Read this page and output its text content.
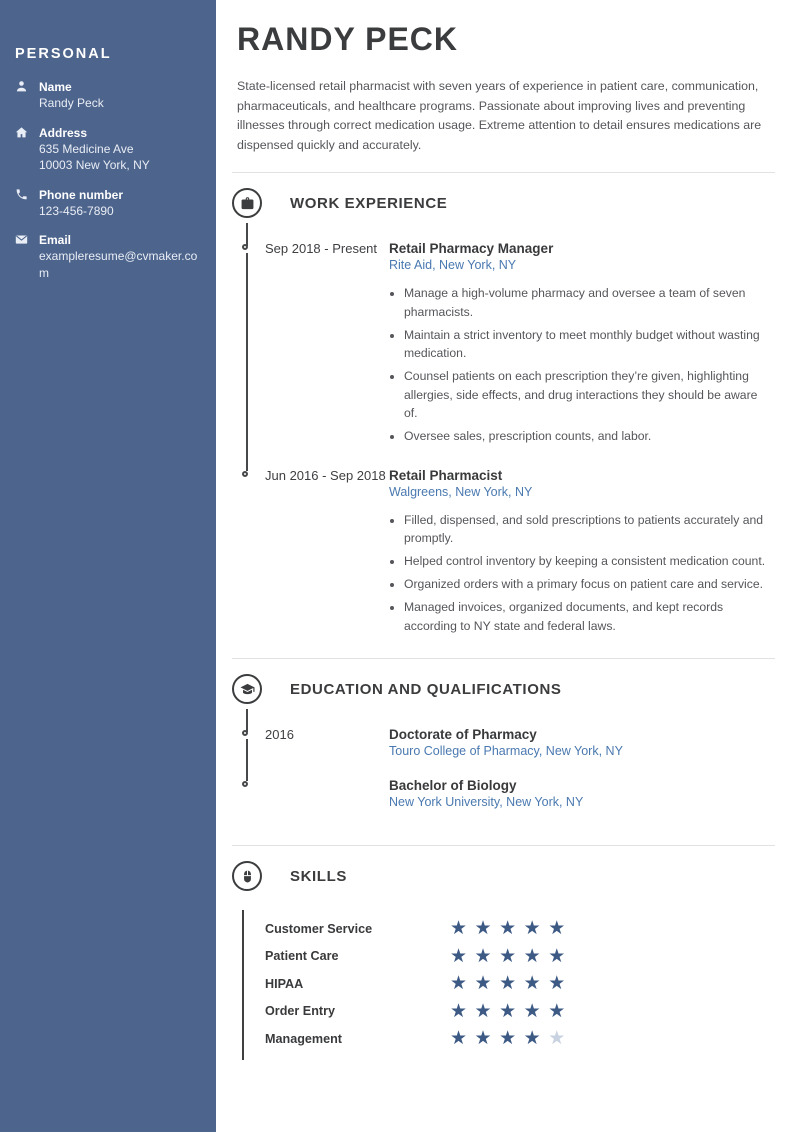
PERSONAL
Name
Randy Peck
Address
635 Medicine Ave
10003 New York, NY
Phone number
123-456-7890
Email
exampleresume@cvmaker.com
RANDY PECK

State-licensed retail pharmacist with seven years of experience in patient care, communication, pharmaceuticals, and healthcare programs. Passionate about improving lives and preventing illnesses through correct medication usage. Extreme attention to detail ensures medications are dispensed quickly and accurately.

WORK EXPERIENCE
Sep 2018 - Present Retail Pharmacy Manager
Rite Aid, New York, NY
• Manage a high-volume pharmacy and oversee a team of seven pharmacists.
• Maintain a strict inventory to meet monthly budget without wasting medication.
• Counsel patients on each prescription they’re given, highlighting allergies, side effects, and drug interactions they should be aware of.
• Oversee sales, prescription counts, and labor.
Jun 2016 - Sep 2018 Retail Pharmacist
Walgreens, New York, NY
• Filled, dispensed, and sold prescriptions to patients accurately and promptly.
• Helped control inventory by keeping a consistent medication count.
• Organized orders with a primary focus on patient care and service.
• Managed invoices, organized documents, and kept records according to NY state and federal laws.
EDUCATION AND QUALIFICATIONS
2016	Doctorate of Pharmacy
Touro College of Pharmacy, New York, NY
Bachelor of Biology
New York University, New York, NY
SKILLS
Customer Service	★ ★ ★ ★ ★
Patient Care	★ ★ ★ ★ ★
HIPAA	★ ★ ★ ★ ★
Order Entry	★ ★ ★ ★ ★
Management	★ ★ ★ ★ ★
